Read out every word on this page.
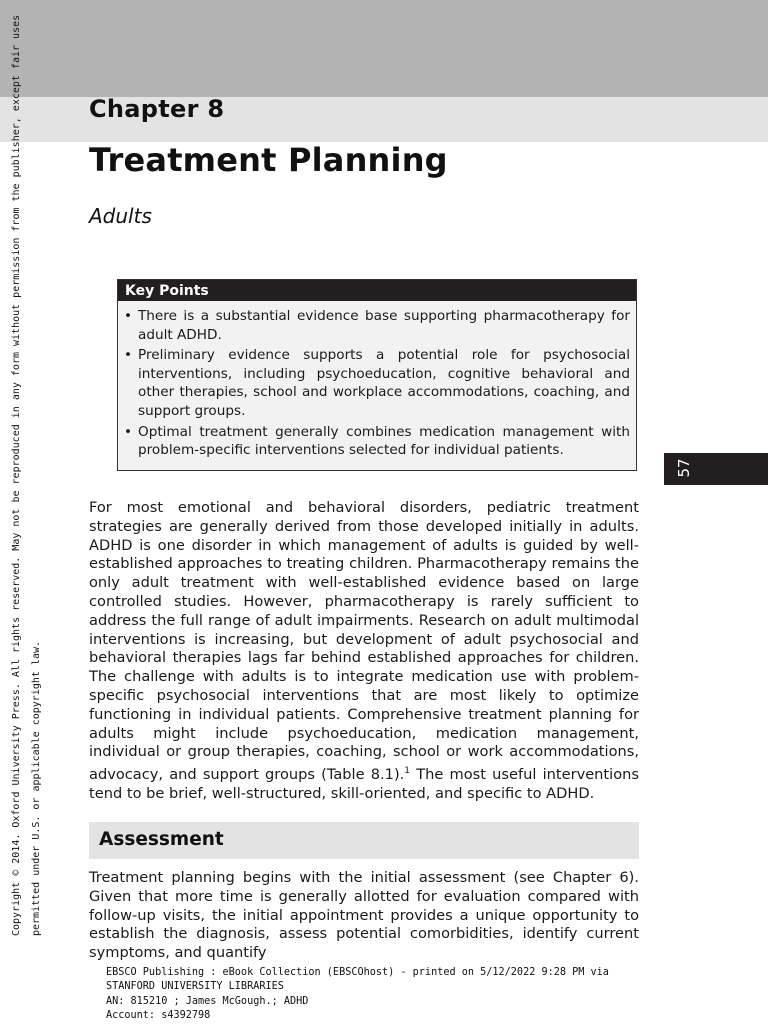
Chapter 8
Treatment Planning
Adults
Key Points
• There is a substantial evidence base supporting pharmacotherapy for adult ADHD.
• Preliminary evidence supports a potential role for psychosocial interventions, including psychoeducation, cognitive behavioral and other therapies, school and workplace accommodations, coaching, and support groups.
• Optimal treatment generally combines medication management with problem-specific interventions selected for individual patients.
57

For most emotional and behavioral disorders, pediatric treatment strategies are generally derived from those developed initially in adults. ADHD is one disorder in which management of adults is guided by well-established approaches to treating children. Pharmacotherapy remains the only adult treatment with well-established evidence based on large controlled studies. However, pharmacotherapy is rarely sufficient to address the full range of adult impairments. Research on adult multimodal interventions is increasing, but development of adult psychosocial and behavioral therapies lags far behind established approaches for children. The challenge with adults is to integrate medication use with problem-specific psychosocial interventions that are most likely to optimize functioning in individual patients. Comprehensive treatment planning for adults might include psychoeducation, medication management, individual or group therapies, coaching, school or work accommodations, advocacy, and support groups (Table 8.1).$^1$ The most useful interventions tend to be brief, well-structured, skill-oriented, and specific to ADHD.

Assessment

Treatment planning begins with the initial assessment (see Chapter 6). Given that more time is generally allotted for evaluation compared with follow-up visits, the initial appointment provides a unique opportunity to establish the diagnosis, assess potential comorbidities, identify current symptoms, and quantify

Copyright © 2014. Oxford University Press. All rights reserved. May not be reproduced in any form without permission from the publisher, except fair uses permitted under U.S. or applicable copyright law.
EBSCO Publishing : eBook Collection (EBSCOhost) - printed on 5/12/2022 9:28 PM via
STANFORD UNIVERSITY LIBRARIES
AN: 815210 ; James McGough.; ADHD
Account: s4392798
